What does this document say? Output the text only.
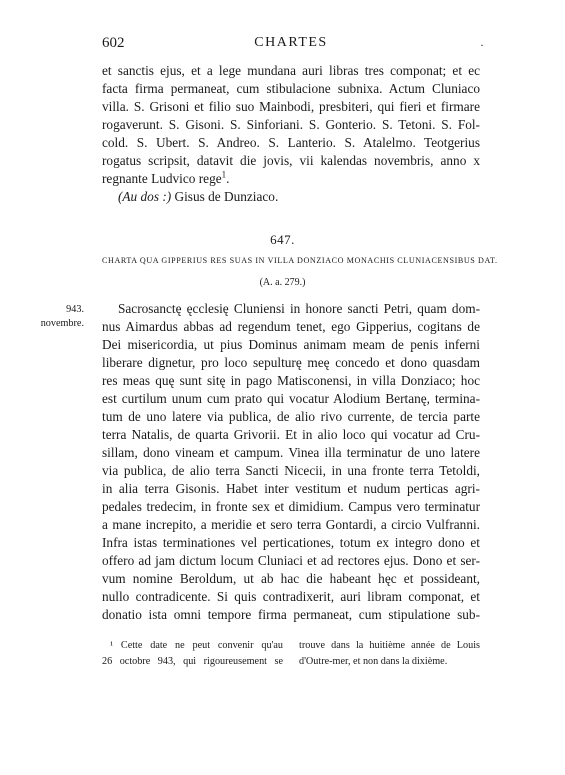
602	CHARTES	·
et sanctis ejus, et a lege mundana auri libras tres componat; et ec
facta firma permaneat, cum stibulacione subnixa. Actum Cluniaco
villa. S. Grisoni et filio suo Mainbodi, presbiteri, qui fieri et firmare
rogaverunt. S. Gisoni. S. Sinforiani. S. Gonterio. S. Tetoni. S. Fol-
cold. S. Ubert. S. Andreo. S. Lanterio. S. Atalelmo. Teotgerius
rogatus scripsit, datavit die jovis, vii kalendas novembris, anno x
regnante Ludvico rege$^1$.
(Au dos :) Gisus de Dunziaco.
647.
CHARTA QUA GIPPERIUS RES SUAS IN VILLA DONZIACO MONACHIS CLUNIACENSIBUS DAT.
(A. a. 279.)
943.
novembre.
Sacrosanctę ęcclesię Cluniensi in honore sancti Petri, quam dom-
nus Aimardus abbas ad regendum tenet, ego Gipperius, cogitans de
Dei misericordia, ut pius Dominus animam meam de penis inferni
liberare dignetur, pro loco sepulturę meę concedo et dono quasdam
res meas quę sunt sitę in pago Matisconensi, in villa Donziaco; hoc
est curtilum unum cum prato qui vocatur Alodium Bertanę, termina-
tum de uno latere via publica, de alio rivo currente, de tercia parte
terra Natalis, de quarta Grivorii. Et in alio loco qui vocatur ad Cru-
sillam, dono vineam et campum. Vinea illa terminatur de uno latere
via publica, de alio terra Sancti Nicecii, in una fronte terra Tetoldi,
in alia terra Gisonis. Habet inter vestitum et nudum perticas agri-
pedales tredecim, in fronte sex et dimidium. Campus vero terminatur
a mane increpito, a meridie et sero terra Gontardi, a circio Vulfranni.
Infra istas terminationes vel perticationes, totum ex integro dono et
offero ad jam dictum locum Cluniaci et ad rectores ejus. Dono et ser-
vum nomine Beroldum, ut ab hac die habeant hęc et possideant,
nullo contradicente. Si quis contradixerit, auri libram componat, et
donatio ista omni tempore firma permaneat, cum stipulatione sub-
¹ Cette date ne peut convenir qu'au
26 octobre 943, qui rigoureusement se
trouve dans la huitième année de Louis
d'Outre-mer, et non dans la dixième.
